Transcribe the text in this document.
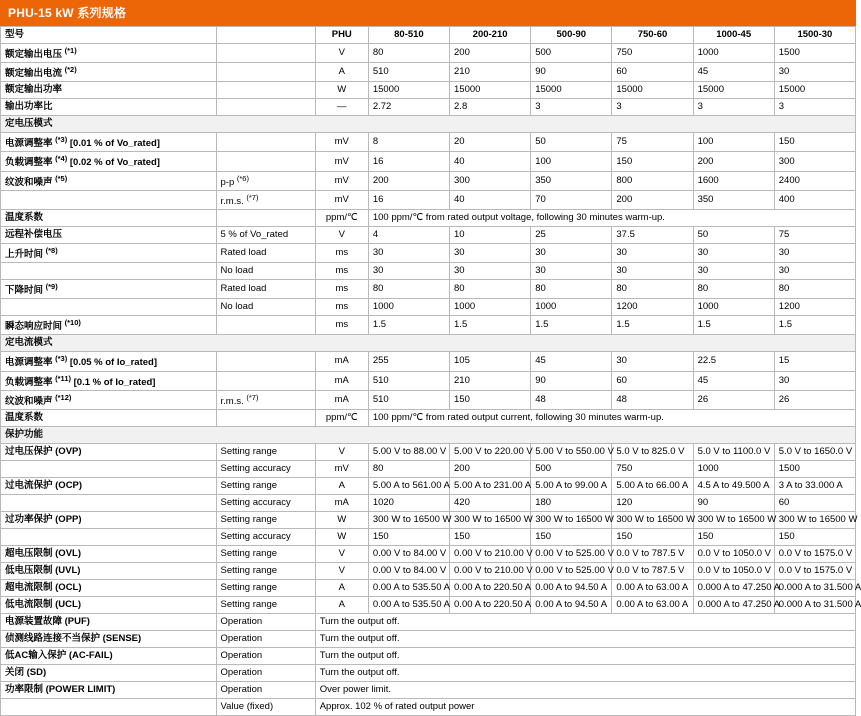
PHU-15 kW 系列规格
型号		PHU	80-510	200-210	500-90	750-60	1000-45	1500-30
额定输出电压 $^{(*1)}$		V	80	200	500	750	1000	1500
额定输出电流 $^{(*2)}$		A	510	210	90	60	45	30
额定输出功率		W	15000	15000	15000	15000	15000	15000
输出功率比		—	2.72	2.8	3	3	3	3
定电压模式								
电源调整率 $^{(*3)}$ [0.01 % of Vo_rated]		mV	8	20	50	75	100	150
负载调整率 $^{(*4)}$ [0.02 % of Vo_rated]		mV	16	40	100	150	200	300
纹波和噪声 $^{(*5)}$	p-p $^{(*6)}$	mV	200	300	350	800	1600	2400
	r.m.s. $^{(*7)}$	mV	16	40	70	200	350	400
温度系数		ppm/℃	100 ppm/℃ from rated output voltage, following 30 minutes warm-up.					
远程补偿电压	5 % of Vo_rated	V	4	10	25	37.5	50	75
上升时间 $^{(*8)}$	Rated load	ms	30	30	30	30	30	30
	No load	ms	30	30	30	30	30	30
下降时间 $^{(*9)}$	Rated load	ms	80	80	80	80	80	80
	No load	ms	1000	1000	1000	1200	1000	1200
瞬态响应时间 $^{(*10)}$		ms	1.5	1.5	1.5	1.5	1.5	1.5
定电流模式								
电源调整率 $^{(*3)}$ [0.05 % of Io_rated]		mA	255	105	45	30	22.5	15
负载调整率 $^{(*11)}$ [0.1 % of Io_rated]		mA	510	210	90	60	45	30
纹波和噪声 $^{(*12)}$	r.m.s. $^{(*7)}$	mA	510	150	48	48	26	26
温度系数		ppm/℃	100 ppm/℃ from rated output current, following 30 minutes warm-up.					
保护功能								
过电压保护 (OVP)	Setting range	V	5.00 V to 88.00 V	5.00 V to 220.00 V	5.00 V to 550.00 V	5.0 V to 825.0 V	5.0 V to 1100.0 V	5.0 V to 1650.0 V
	Setting accuracy	mV	80	200	500	750	1000	1500
过电流保护 (OCP)	Setting range	A	5.00 A to 561.00 A	5.00 A to 231.00 A	5.00 A to 99.00 A	5.00 A to 66.00 A	4.5 A to 49.500 A	3 A to 33.000 A
	Setting accuracy	mA	1020	420	180	120	90	60
过功率保护 (OPP)	Setting range	W	300 W to 16500 W	300 W to 16500 W	300 W to 16500 W	300 W to 16500 W	300 W to 16500 W	300 W to 16500 W
	Setting accuracy	W	150	150	150	150	150	150
超电压限制 (OVL)	Setting range	V	0.00 V to 84.00 V	0.00 V to 210.00 V	0.00 V to 525.00 V	0.0 V to 787.5 V	0.0 V to 1050.0 V	0.0 V to 1575.0 V
低电压限制 (UVL)	Setting range	V	0.00 V to 84.00 V	0.00 V to 210.00 V	0.00 V to 525.00 V	0.0 V to 787.5 V	0.0 V to 1050.0 V	0.0 V to 1575.0 V
超电流限制 (OCL)	Setting range	A	0.00 A to 535.50 A	0.00 A to 220.50 A	0.00 A to 94.50 A	0.00 A to 63.00 A	0.000 A to 47.250 A	0.000 A to 31.500 A
低电流限制 (UCL)	Setting range	A	0.00 A to 535.50 A	0.00 A to 220.50 A	0.00 A to 94.50 A	0.00 A to 63.00 A	0.000 A to 47.250 A	0.000 A to 31.500 A
电源装置故障 (PUF)	Operation	Turn the output off.						
侦测线路连接不当保护 (SENSE)	Operation	Turn the output off.						
低AC输入保护 (AC-FAIL)	Operation	Turn the output off.						
关闭 (SD)	Operation	Turn the output off.						
功率限制 (POWER LIMIT)	Operation	Over power limit.						
	Value (fixed)	Approx. 102 % of rated output power						
